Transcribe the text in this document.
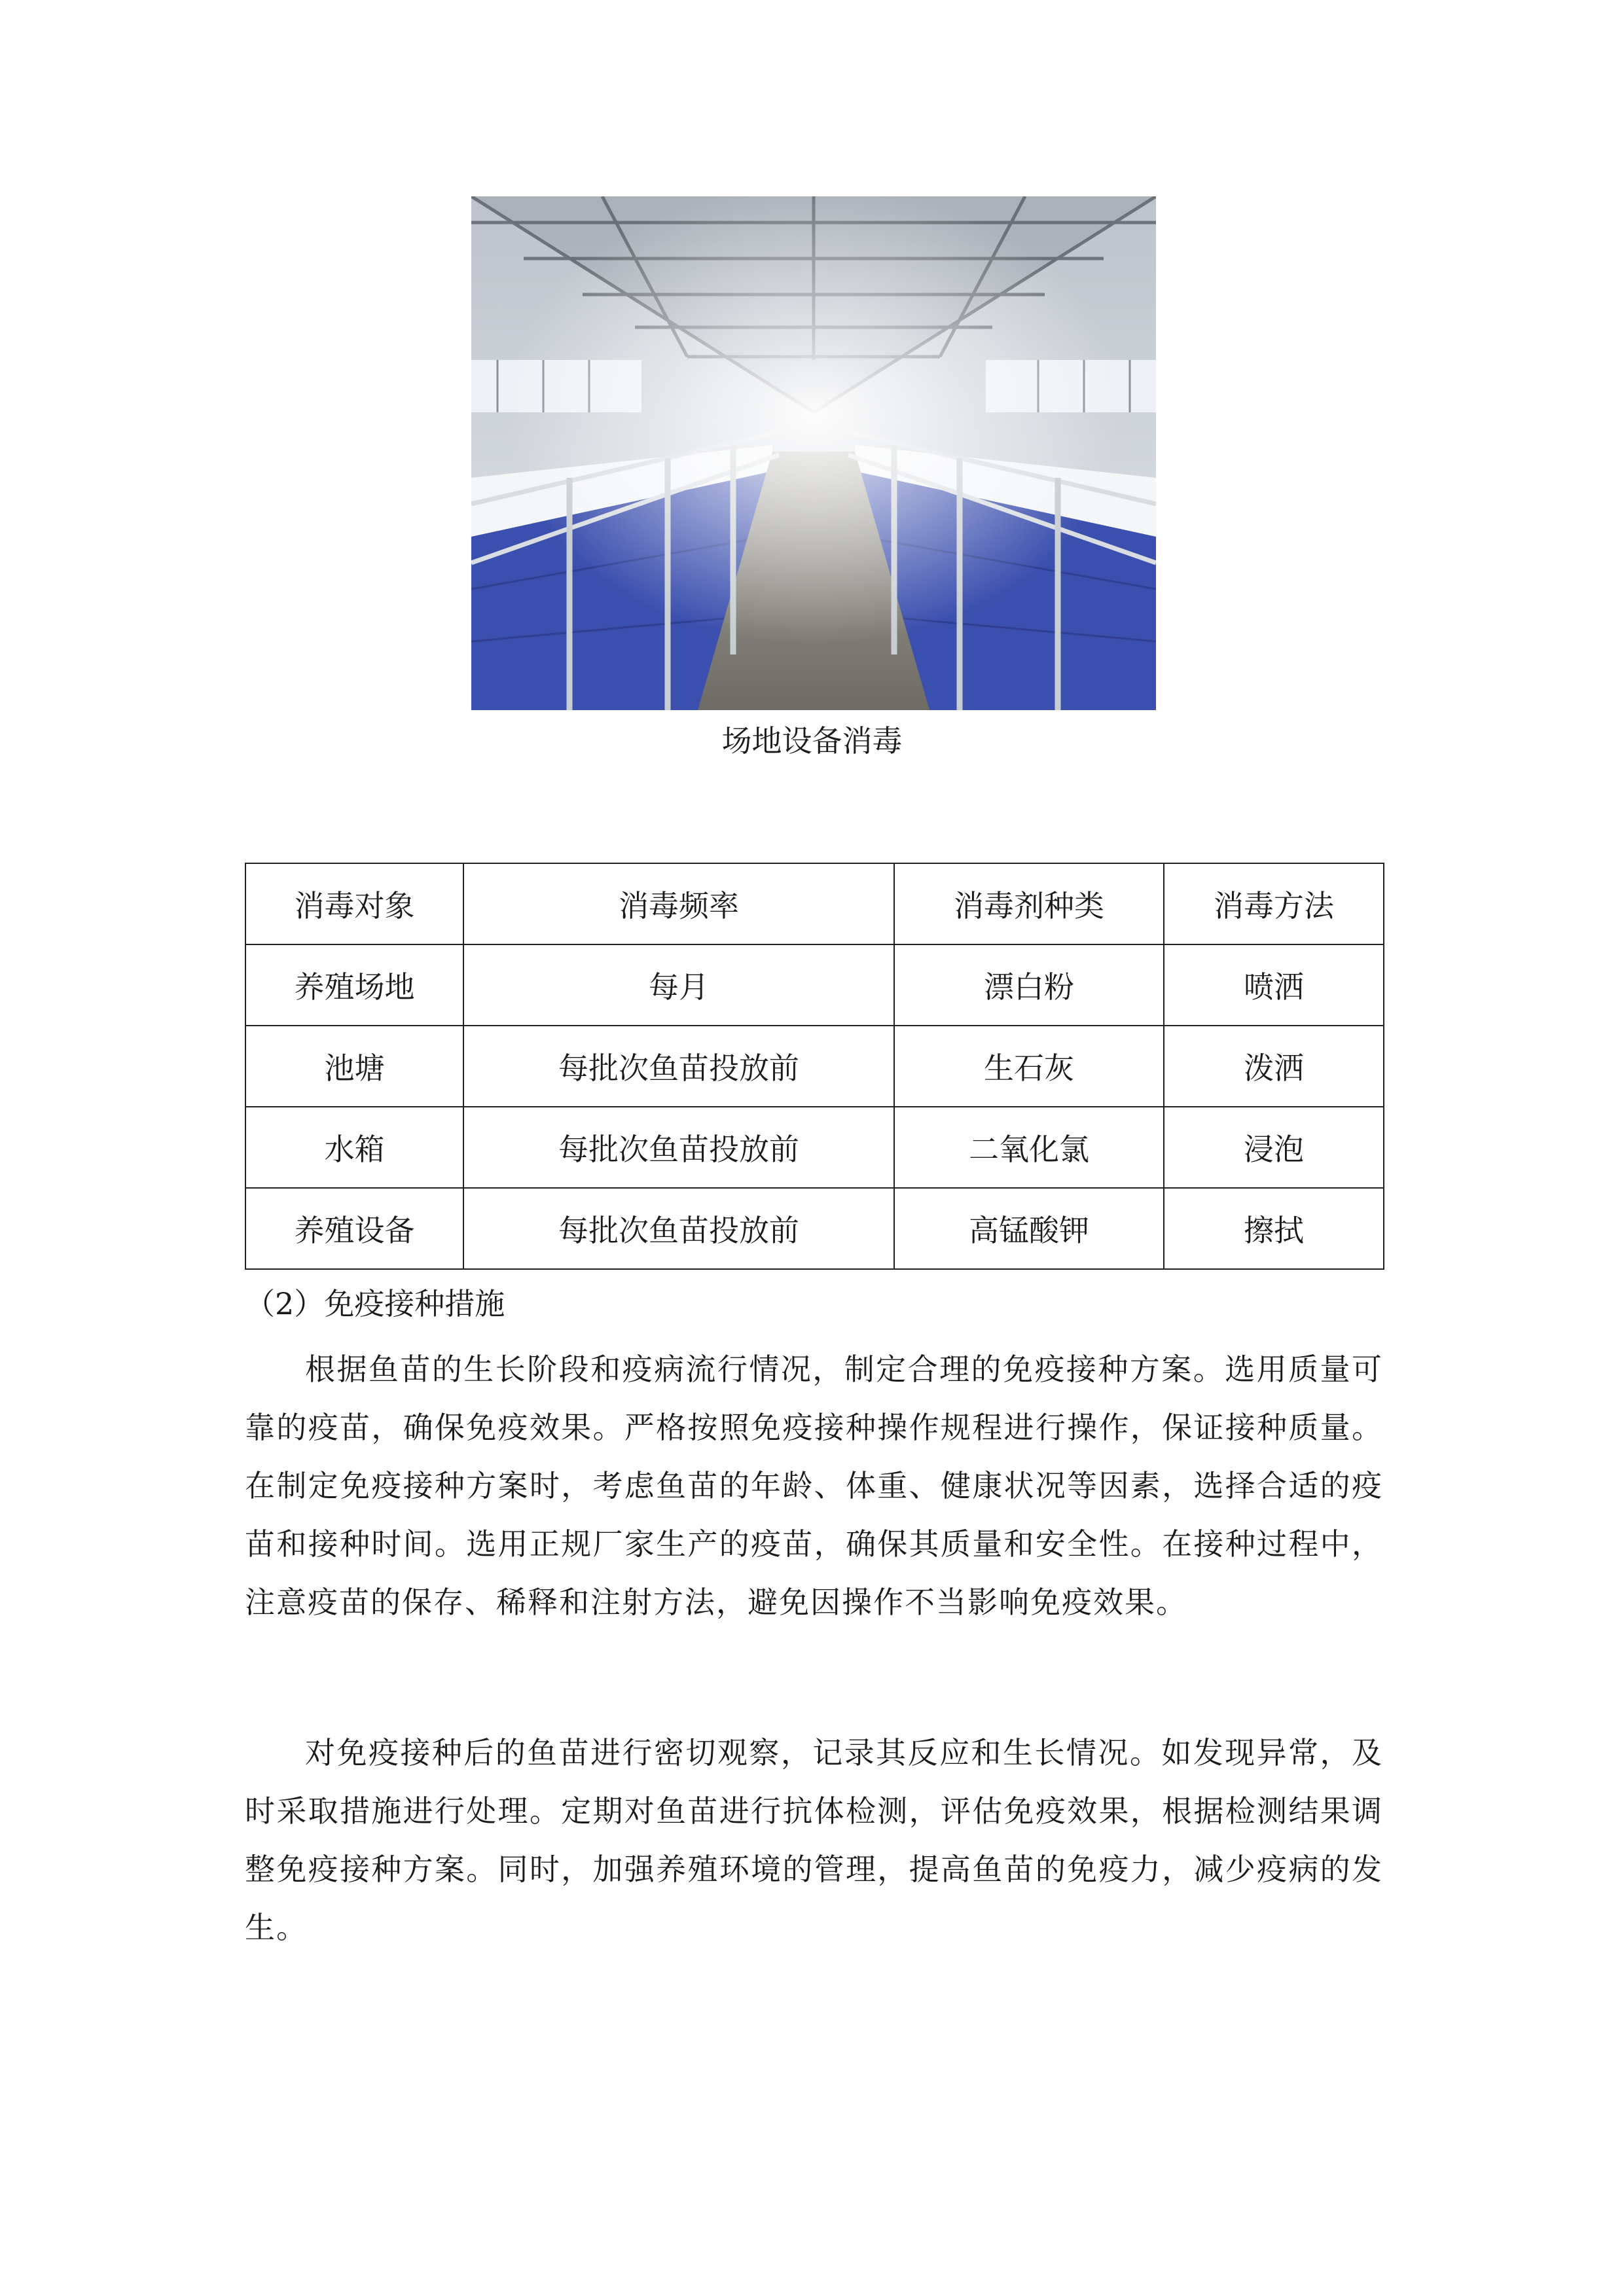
场地设备消毒
消毒对象	消毒频率	消毒剂种类	消毒方法
养殖场地	每月	漂白粉	喷洒
池塘	每批次鱼苗投放前	生石灰	泼洒
水箱	每批次鱼苗投放前	二氧化氯	浸泡
养殖设备	每批次鱼苗投放前	高锰酸钾	擦拭
（2）免疫接种措施

根据鱼苗的生长阶段和疫病流行情况，制定合理的免疫接种方案。选用质量可靠的疫苗，确保免疫效果。严格按照免疫接种操作规程进行操作，保证接种质量。在制定免疫接种方案时，考虑鱼苗的年龄、体重、健康状况等因素，选择合适的疫苗和接种时间。选用正规厂家生产的疫苗，确保其质量和安全性。在接种过程中，注意疫苗的保存、稀释和注射方法，避免因操作不当影响免疫效果。

对免疫接种后的鱼苗进行密切观察，记录其反应和生长情况。如发现异常，及时采取措施进行处理。定期对鱼苗进行抗体检测，评估免疫效果，根据检测结果调整免疫接种方案。同时，加强养殖环境的管理，提高鱼苗的免疫力，减少疫病的发生。
